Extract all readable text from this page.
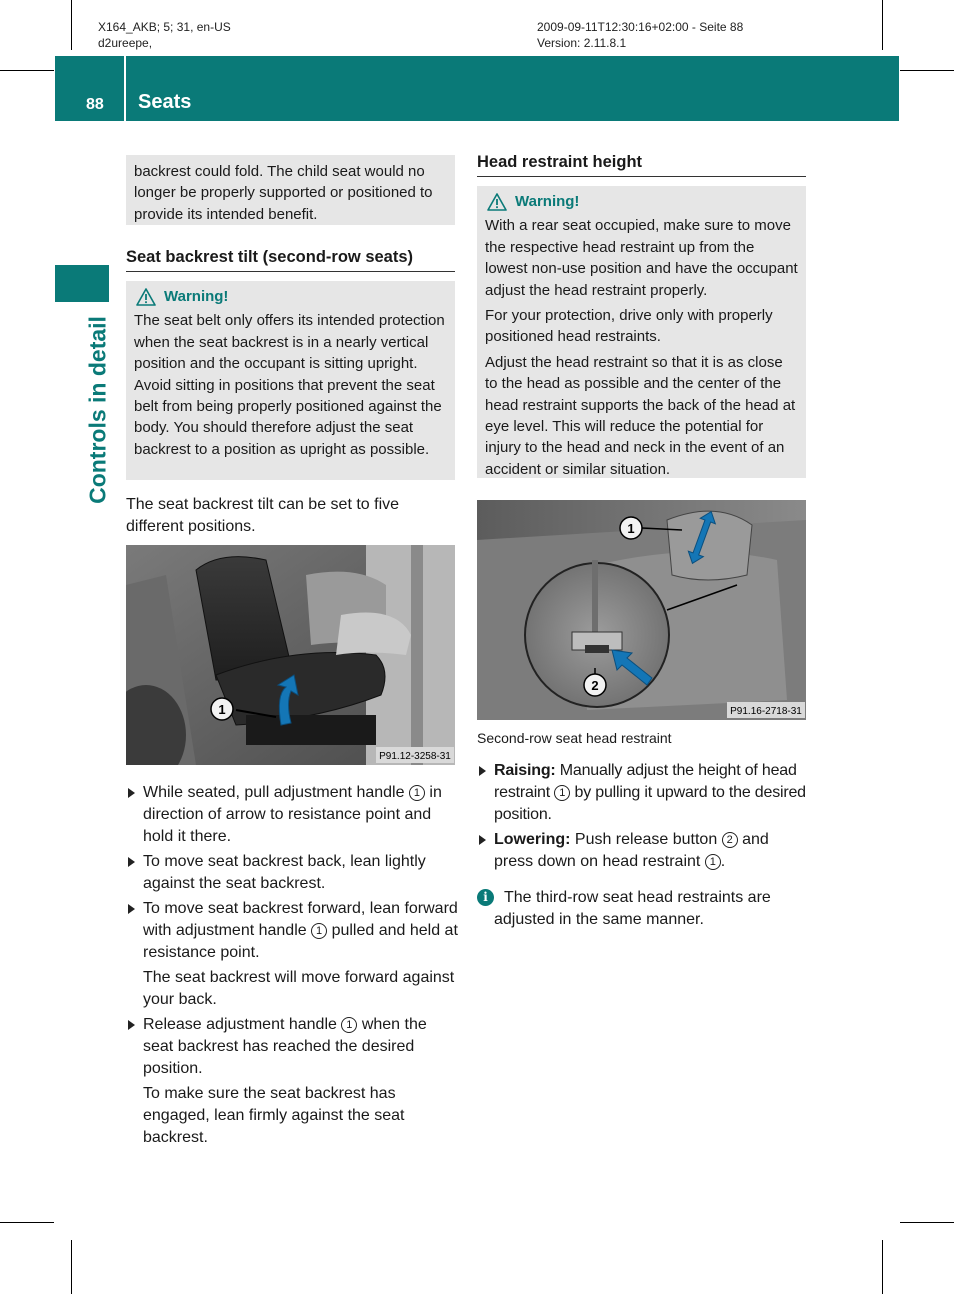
X164_AKB; 5; 31, en-US
d2ureepe,
2009-09-11T12:30:16+02:00 - Seite 88
Version: 2.11.8.1
88 Seats
Controls in detail
backrest could fold. The child seat would no longer be properly supported or positioned to provide its intended benefit.
Seat backrest tilt (second-row seats)
Warning!
The seat belt only offers its intended protection when the seat backrest is in a nearly vertical position and the occupant is sitting upright. Avoid sitting in positions that prevent the seat belt from being properly positioned against the body. You should therefore adjust the seat backrest to a position as upright as possible.
The seat backrest tilt can be set to five different positions.
1
P91.12-3258-31
While seated, pull adjustment handle 1 in direction of arrow to resistance point and hold it there.
To move seat backrest back, lean lightly against the seat backrest.
To move seat backrest forward, lean forward with adjustment handle 1 pulled and held at resistance point.
The seat backrest will move forward against your back.
Release adjustment handle 1 when the seat backrest has reached the desired position.
To make sure the seat backrest has engaged, lean firmly against the seat backrest.
Head restraint height
Warning!
With a rear seat occupied, make sure to move the respective head restraint up from the lowest non-use position and have the occupant adjust the head restraint properly.
For your protection, drive only with properly positioned head restraints.
Adjust the head restraint so that it is as close to the head as possible and the center of the head restraint supports the back of the head at eye level. This will reduce the potential for injury to the head and neck in the event of an accident or similar situation.
1
2
P91.16-2718-31
Second-row seat head restraint
Raising: Manually adjust the height of head restraint 1 by pulling it upward to the desired position.
Lowering: Push release button 2 and press down on head restraint 1 .
i	The third-row seat head restraints are adjusted in the same manner.
